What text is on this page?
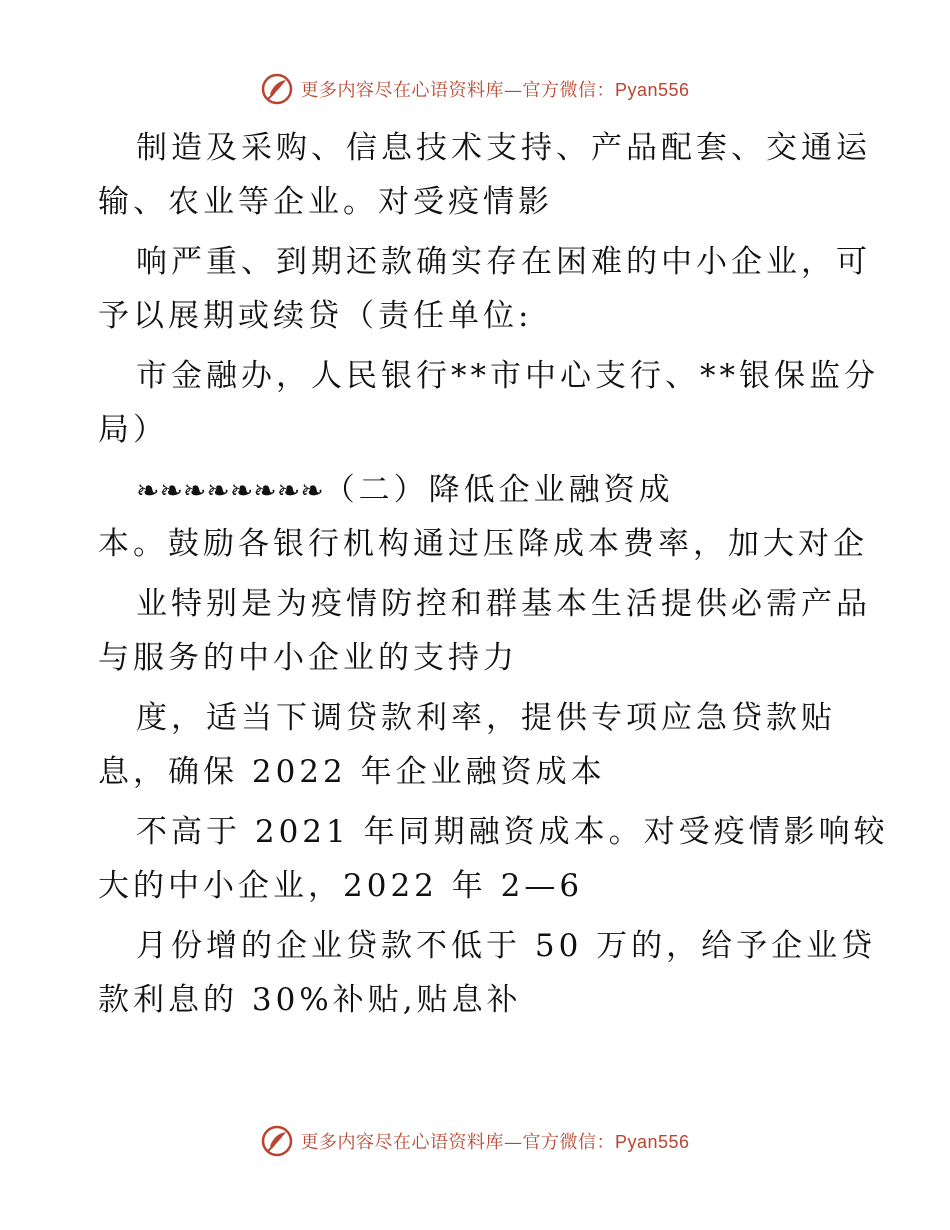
更多内容尽在心语资料库—官方微信：Pyan556
制造及采购、信息技术支持、产品配套、交通运
输、农业等企业。对受疫情影
响严重、到期还款确实存在困难的中小企业，可
予以展期或续贷（责任单位:
市金融办，人民银行**市中心支行、**银保监分
局）
❧❧❧❧❧❧❧❧（二）降低企业融资成
本。鼓励各银行机构通过压降成本费率，加大对企
业特别是为疫情防控和群基本生活提供必需产品
与服务的中小企业的支持力
度，适当下调贷款利率，提供专项应急贷款贴
息，确保 2022 年企业融资成本
不高于 2021 年同期融资成本。对受疫情影响较
大的中小企业，2022 年 2—6
月份增的企业贷款不低于 50 万的，给予企业贷
款利息的 30%补贴,贴息补
更多内容尽在心语资料库—官方微信：Pyan556
